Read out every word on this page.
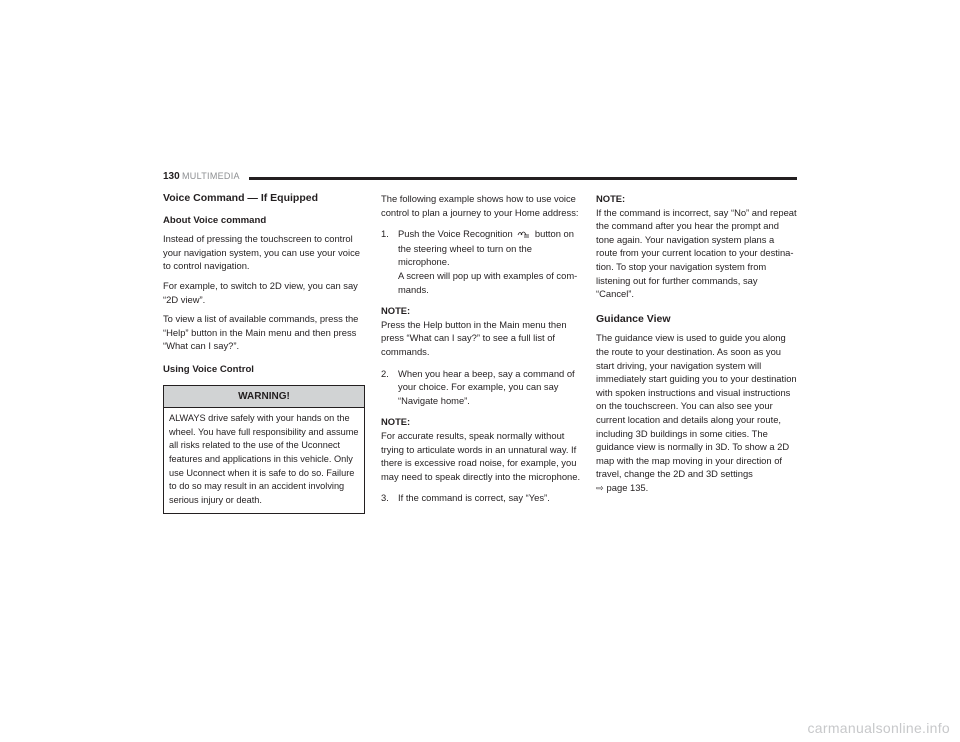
130 MULTIMEDIA
Voice Command — If Equipped
About Voice command

Instead of pressing the touchscreen to control your navigation system, you can use your voice to control navigation.

For example, to switch to 2D view, you can say “2D view”.

To view a list of available commands, press the “Help” button in the Main menu and then press “What can I say?”.

Using Voice Control
WARNING!
ALWAYS drive safely with your hands on the wheel. You have full responsibility and assume all risks related to the use of the Uconnect features and applications in this vehicle. Only use Uconnect when it is safe to do so. Failure to do so may result in an accident involving serious injury or death.

The following example shows how to use voice control to plan a journey to your Home address:

1. Push the Voice Recognition button on the steering wheel to turn on the microphone.
A screen will pop up with examples of com-mands.
NOTE:
Press the Help button in the Main menu then press “What can I say?” to see a full list of commands.
2. When you hear a beep, say a command of your choice. For example, you can say “Navigate home”.
NOTE:
For accurate results, speak normally without trying to articulate words in an unnatural way. If there is excessive road noise, for example, you may need to speak directly into the microphone.
3. If the command is correct, say “Yes”.
NOTE:
If the command is incorrect, say “No” and repeat the command after you hear the prompt and tone again. Your navigation system plans a route from your current location to your destina-tion. To stop your navigation system from listening out for further commands, say “Cancel”.
Guidance View

The guidance view is used to guide you along the route to your destination. As soon as you start driving, your navigation system will immediately start guiding you to your destination with spoken instructions and visual instructions on the touchscreen. You can also see your current location and details along your route, including 3D buildings in some cities. The guidance view is normally in 3D. To show a 2D map with the map moving in your direction of travel, change the 2D and 3D settings
⇨ page 135.

carmanualsonline.info
